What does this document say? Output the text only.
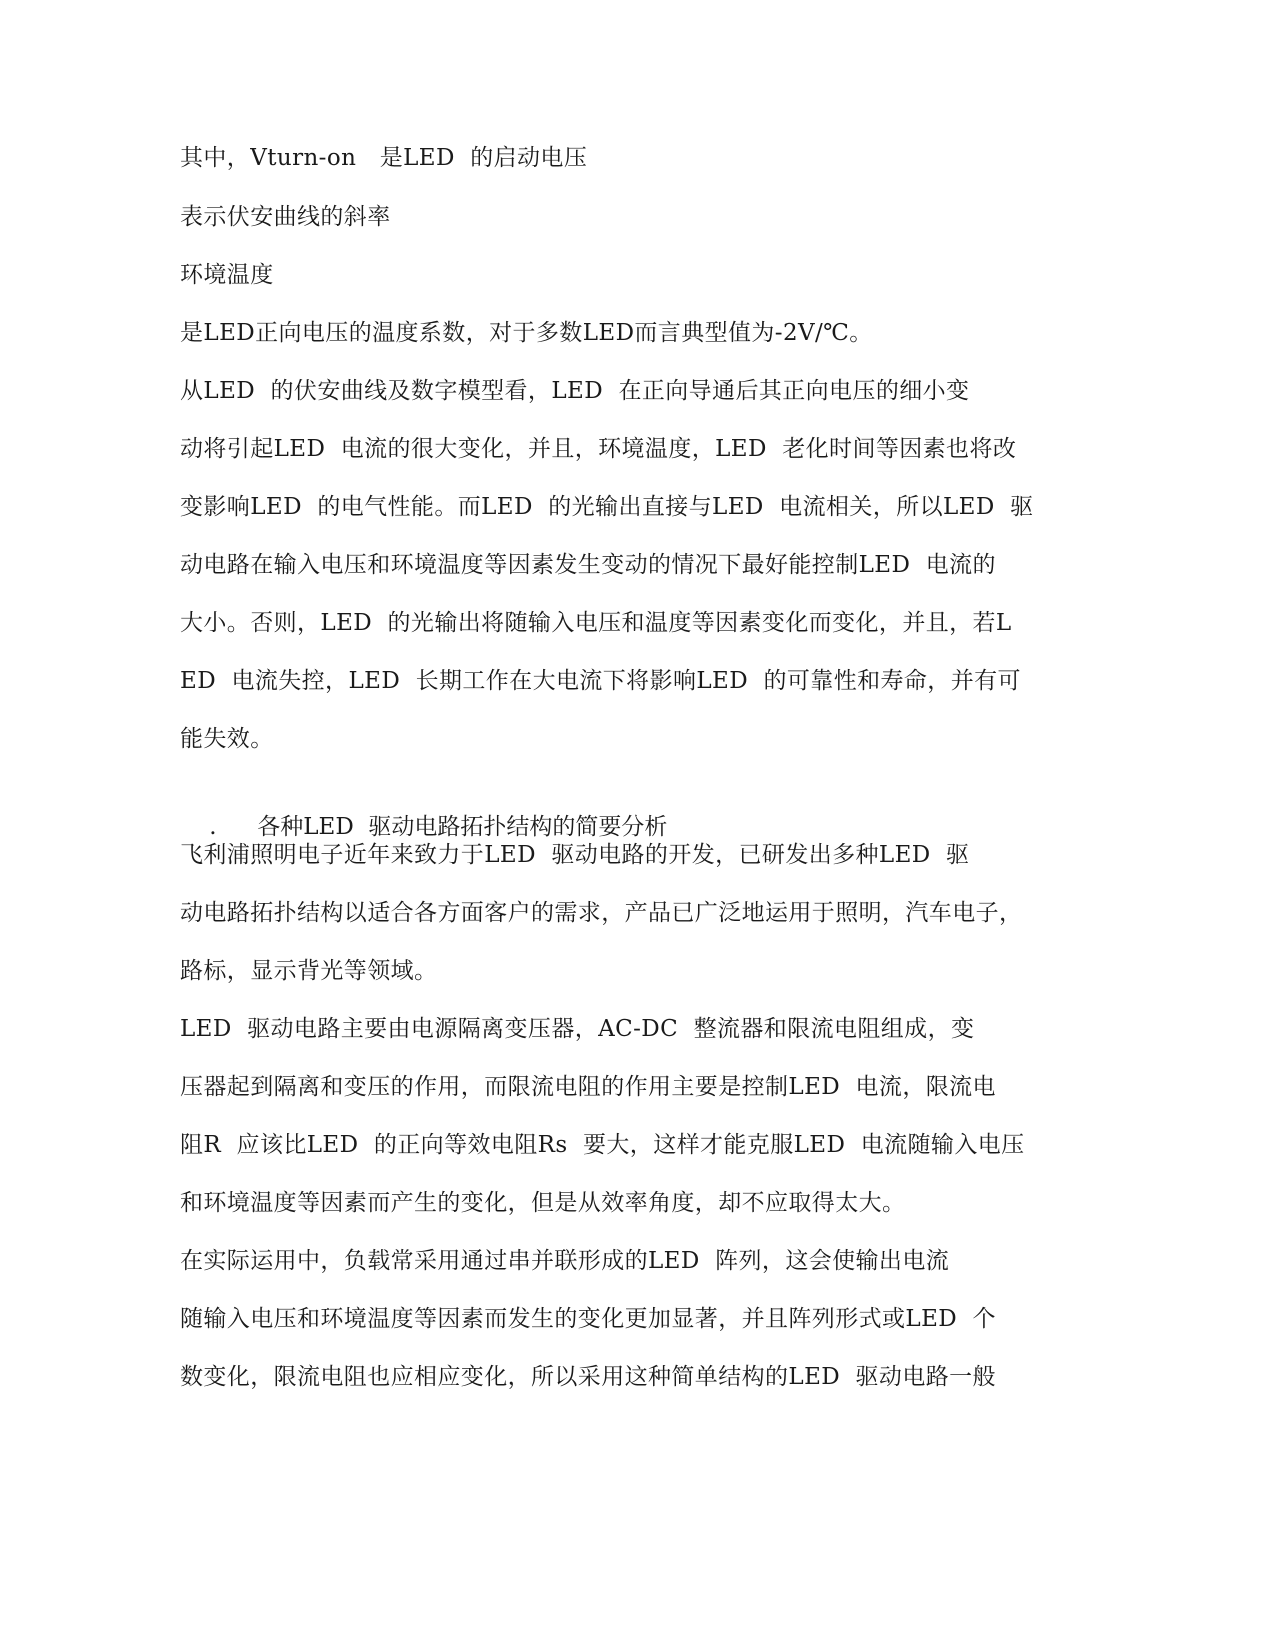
其中，Vturn-on　是LED  的启动电压
表示伏安曲线的斜率
环境温度
是LED正向电压的温度系数，对于多数LED而言典型值为-2V/℃。
从LED  的伏安曲线及数字模型看，LED  在正向导通后其正向电压的细小变
动将引起LED  电流的很大变化，并且，环境温度，LED  老化时间等因素也将改
变影响LED  的电气性能。而LED  的光输出直接与LED  电流相关，所以LED  驱
动电路在输入电压和环境温度等因素发生变动的情况下最好能控制LED  电流的
大小。否则，LED  的光输出将随输入电压和温度等因素变化而变化，并且，若L
ED  电流失控，LED  长期工作在大电流下将影响LED  的可靠性和寿命，并有可
能失效。

. 各种LED  驱动电路拓扑结构的简要分析

飞利浦照明电子近年来致力于LED  驱动电路的开发，已研发出多种LED  驱
动电路拓扑结构以适合各方面客户的需求，产品已广泛地运用于照明，汽车电子，
路标，显示背光等领域。
LED  驱动电路主要由电源隔离变压器，AC-DC  整流器和限流电阻组成，变
压器起到隔离和变压的作用，而限流电阻的作用主要是控制LED  电流，限流电
阻R  应该比LED  的正向等效电阻Rs  要大，这样才能克服LED  电流随输入电压
和环境温度等因素而产生的变化，但是从效率角度，却不应取得太大。
在实际运用中，负载常采用通过串并联形成的LED  阵列，这会使输出电流
随输入电压和环境温度等因素而发生的变化更加显著，并且阵列形式或LED  个
数变化，限流电阻也应相应变化，所以采用这种简单结构的LED  驱动电路一般
